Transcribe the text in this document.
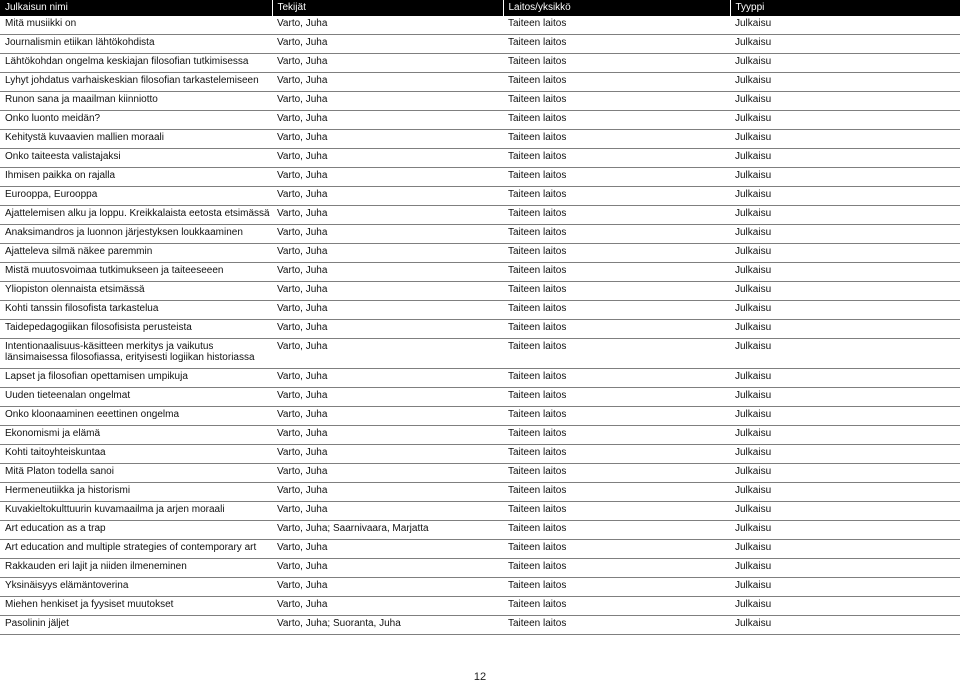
Julkaisun nimi	Tekijät	Laitos/yksikkö	Tyyppi
Mitä musiikki on	Varto, Juha	Taiteen laitos	Julkaisu
Journalismin etiikan lähtökohdista	Varto, Juha	Taiteen laitos	Julkaisu
Lähtökohdan ongelma keskiajan filosofian tutkimisessa	Varto, Juha	Taiteen laitos	Julkaisu
Lyhyt johdatus varhaiskeskian filosofian tarkastelemiseen	Varto, Juha	Taiteen laitos	Julkaisu
Runon sana ja maailman kiinniotto	Varto, Juha	Taiteen laitos	Julkaisu
Onko luonto meidän?	Varto, Juha	Taiteen laitos	Julkaisu
Kehitystä kuvaavien mallien moraali	Varto, Juha	Taiteen laitos	Julkaisu
Onko taiteesta valistajaksi	Varto, Juha	Taiteen laitos	Julkaisu
Ihmisen paikka on rajalla	Varto, Juha	Taiteen laitos	Julkaisu
Eurooppa, Eurooppa	Varto, Juha	Taiteen laitos	Julkaisu
Ajattelemisen alku ja loppu. Kreikkalaista eetosta etsimässä	Varto, Juha	Taiteen laitos	Julkaisu
Anaksimandros ja luonnon järjestyksen loukkaaminen	Varto, Juha	Taiteen laitos	Julkaisu
Ajatteleva silmä näkee paremmin	Varto, Juha	Taiteen laitos	Julkaisu
Mistä muutosvoimaa tutkimukseen ja taiteeseeen	Varto, Juha	Taiteen laitos	Julkaisu
Yliopiston olennaista etsimässä	Varto, Juha	Taiteen laitos	Julkaisu
Kohti tanssin filosofista tarkastelua	Varto, Juha	Taiteen laitos	Julkaisu
Taidepedagogiikan filosofisista perusteista	Varto, Juha	Taiteen laitos	Julkaisu
Intentionaalisuus-käsitteen merkitys ja vaikutus länsimaisessa filosofiassa, erityisesti logiikan historiassa	Varto, Juha	Taiteen laitos	Julkaisu
Lapset ja filosofian opettamisen umpikuja	Varto, Juha	Taiteen laitos	Julkaisu
Uuden tieteenalan ongelmat	Varto, Juha	Taiteen laitos	Julkaisu
Onko kloonaaminen eeettinen ongelma	Varto, Juha	Taiteen laitos	Julkaisu
Ekonomismi ja elämä	Varto, Juha	Taiteen laitos	Julkaisu
Kohti taitoyhteiskuntaa	Varto, Juha	Taiteen laitos	Julkaisu
Mitä Platon todella sanoi	Varto, Juha	Taiteen laitos	Julkaisu
Hermeneutiikka ja historismi	Varto, Juha	Taiteen laitos	Julkaisu
Kuvakieltokulttuurin kuvamaailma ja arjen moraali	Varto, Juha	Taiteen laitos	Julkaisu
Art education as a trap	Varto, Juha; Saarnivaara, Marjatta	Taiteen laitos	Julkaisu
Art education and multiple strategies of contemporary art	Varto, Juha	Taiteen laitos	Julkaisu
Rakkauden eri lajit ja niiden ilmeneminen	Varto, Juha	Taiteen laitos	Julkaisu
Yksinäisyys elämäntoverina	Varto, Juha	Taiteen laitos	Julkaisu
Miehen henkiset ja fyysiset muutokset	Varto, Juha	Taiteen laitos	Julkaisu
Pasolinin jäljet	Varto, Juha; Suoranta, Juha	Taiteen laitos	Julkaisu
12
